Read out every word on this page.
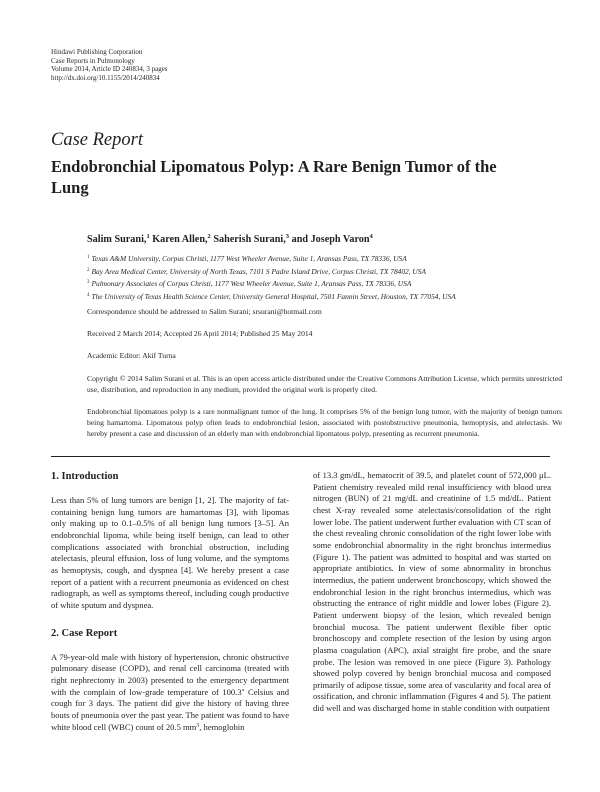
Hindawi Publishing Corporation
Case Reports in Pulmonology
Volume 2014, Article ID 240834, 3 pages
http://dx.doi.org/10.1155/2014/240834
Case Report
Endobronchial Lipomatous Polyp: A Rare Benign Tumor of the Lung
Salim Surani,$^1$ Karen Allen,$^2$ Saherish Surani,$^3$ and Joseph Varon$^4$
$^1$ Texas A&M University, Corpus Christi, 1177 West Wheeler Avenue, Suite 1, Aransas Pass, TX 78336, USA
$^2$ Bay Area Medical Center, University of North Texas, 7101 S Padre Island Drive, Corpus Christi, TX 78402, USA
$^3$ Pulmonary Associates of Corpus Christi, 1177 West Wheeler Avenue, Suite 1, Aransas Pass, TX 78336, USA
$^4$ The University of Texas Health Science Center, University General Hospital, 7501 Fannin Street, Houston, TX 77054, USA
Correspondence should be addressed to Salim Surani; srsurani@hotmail.com
Received 2 March 2014; Accepted 26 April 2014; Published 25 May 2014
Academic Editor: Akif Turna
Copyright © 2014 Salim Surani et al. This is an open access article distributed under the Creative Commons Attribution License, which permits unrestricted use, distribution, and reproduction in any medium, provided the original work is properly cited.
Endobronchial lipomatous polyp is a rare nonmalignant tumor of the lung. It comprises 5% of the benign lung tumor, with the majority of benign tumors being hamartoma. Lipomatous polyp often leads to endobronchial lesion, associated with postobstructive pneumonia, hemoptysis, and atelectasis. We hereby present a case and discussion of an elderly man with endobronchial lipomatous polyp, presenting as recurrent pneumonia.
1. Introduction

Less than 5% of lung tumors are benign [1, 2]. The majority of fat-containing benign lung tumors are hamartomas [3], with lipomas only making up to 0.1–0.5% of all benign lung tumors [3–5]. An endobronchial lipoma, while being itself benign, can lead to other complications associated with bronchial obstruction, including atelectasis, pleural effusion, loss of lung volume, and the symptoms as hemoptysis, cough, and dyspnea [4]. We hereby present a case report of a patient with a recurrent pneumonia as evidenced on chest radiograph, as well as symptoms thereof, including cough productive of white sputum and dyspnea.

2. Case Report

A 79-year-old male with history of hypertension, chronic obstructive pulmonary disease (COPD), and renal cell carcinoma (treated with right nephrectomy in 2003) presented to the emergency department with the complain of low-grade temperature of 100.3∘ Celsius and cough for 3 days. The patient did give the history of having three bouts of pneumonia over the past year. The patient was found to have white blood cell (WBC) count of 20.5 $mm^3$, hemoglobin

of 13.3 gm/dL, hematocrit of 39.5, and platelet count of 572,000 μL. Patient chemistry revealed mild renal insufficiency with blood urea nitrogen (BUN) of 21 mg/dL and creatinine of 1.5 md/dL. Patient chest X-ray revealed some atelectasis/consolidation of the right lower lobe. The patient underwent further evaluation with CT scan of the chest revealing chronic consolidation of the right lower lobe with some endobronchial abnormality in the right bronchus intermedius (Figure 1). The patient was admitted to hospital and was started on appropriate antibiotics. In view of some abnormality in bronchus intermedius, the patient underwent bronchoscopy, which showed the endobronchial lesion in the right bronchus intermedius, which was obstructing the entrance of right middle and lower lobes (Figure 2). Patient underwent biopsy of the lesion, which revealed benign bronchial mucosa. The patient underwent flexible fiber optic bronchoscopy and complete resection of the lesion by using argon plasma coagulation (APC), axial straight fire probe, and the snare probe. The lesion was removed in one piece (Figure 3). Pathology showed polyp covered by benign bronchial mucosa and composed primarily of adipose tissue, some area of vascularity and focal area of ossification, and chronic inflammation (Figures 4 and 5). The patient did well and was discharged home in stable condition with outpatient
